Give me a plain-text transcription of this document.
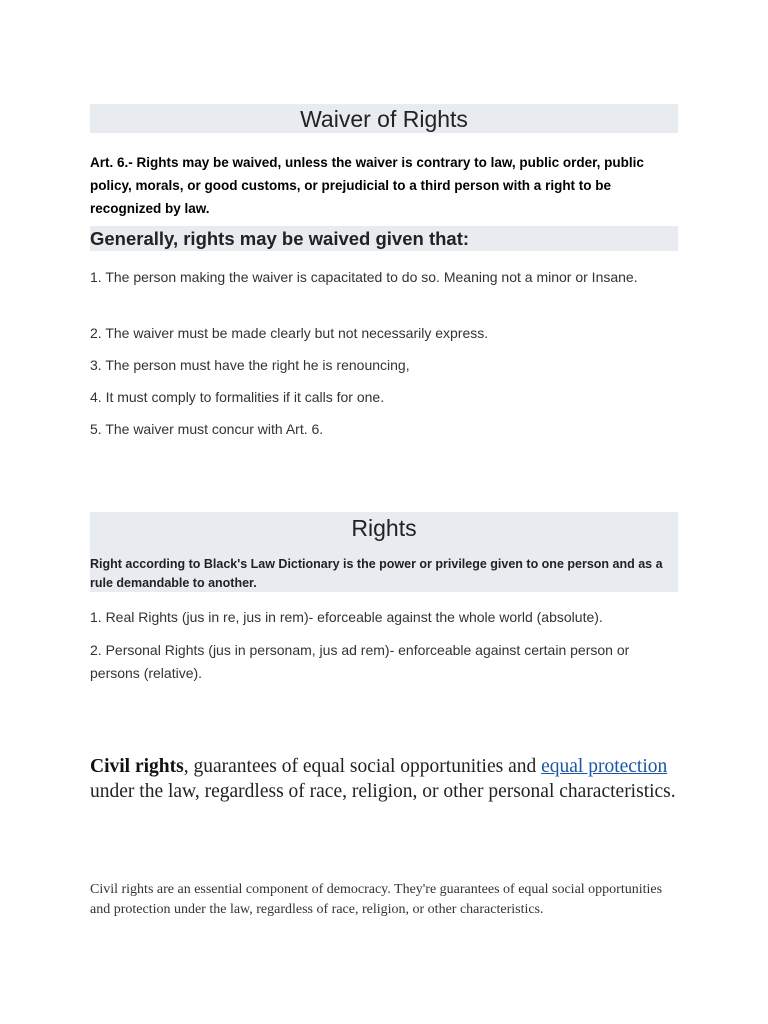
Waiver of Rights
Art. 6.- Rights may be waived, unless the waiver is contrary to law, public order, public policy, morals, or good customs, or prejudicial to a third person with a right to be recognized by law.
Generally, rights may be waived given that:
1. The person making the waiver is capacitated to do so. Meaning not a minor or Insane.
2. The waiver must be made clearly but not necessarily express.
3. The person must have the right he is renouncing,
4. It must comply to formalities if it calls for one.
5. The waiver must concur with Art. 6.
Rights
Right according to Black's Law Dictionary is the power or privilege given to one person and as a rule demandable to another.
1. Real Rights (jus in re, jus in rem)- eforceable against the whole world (absolute).
2. Personal Rights (jus in personam, jus ad rem)- enforceable against certain person or persons (relative).
Civil rights, guarantees of equal social opportunities and equal protection under the law, regardless of race, religion, or other personal characteristics.
Civil rights are an essential component of democracy. They're guarantees of equal social opportunities and protection under the law, regardless of race, religion, or other characteristics.
